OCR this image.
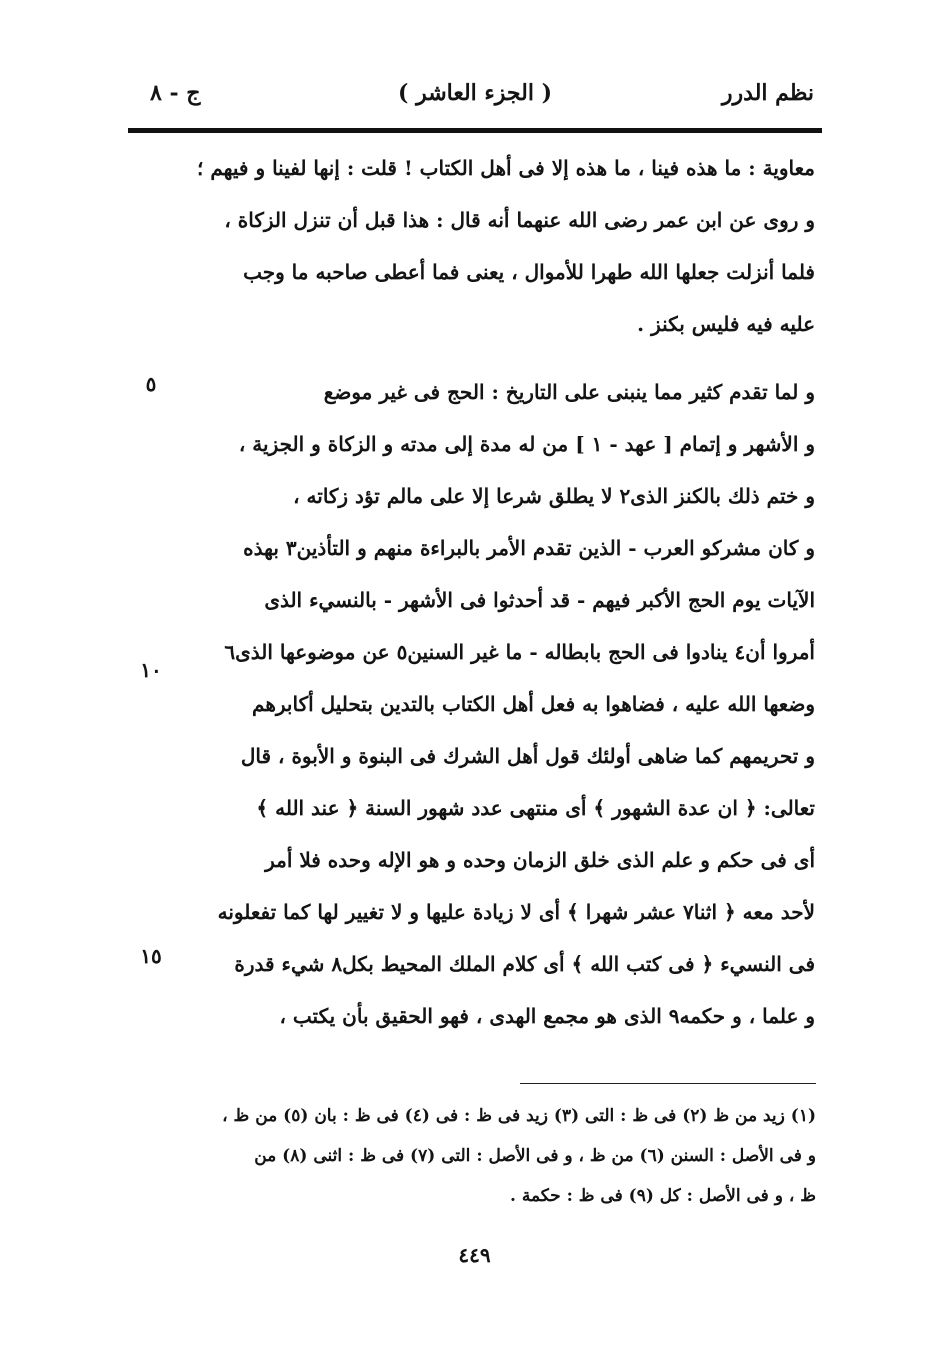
نظم الدرر
( الجزء العاشر )
ج - ٨
معاوية : ما هذه فينا ، ما هذه إلا فى أهل الكتاب ! قلت : إنها لفينا و فيهم ؛
و روى عن ابن عمر رضى الله عنهما أنه قال : هذا قبل أن تنزل الزكاة ،
فلما أنزلت جعلها الله طهرا للأموال ، يعنى فما أعطى صاحبه ما وجب
عليه فيه فليس بكنز .
و لما تقدم كثير مما ينبنى على التاريخ : الحج فى غير موضع
و الأشهر و إتمام [ عهد - ١ ] من له مدة إلى مدته و الزكاة و الجزية ،
و ختم ذلك بالكنز الذى٢ لا يطلق شرعا إلا على مالم تؤد زكاته ،
و كان مشركو العرب - الذين تقدم الأمر بالبراءة منهم و التأذين٣ بهذه
الآيات يوم الحج الأكبر فيهم - قد أحدثوا فى الأشهر - بالنسيء الذى
أمروا أن٤ ينادوا فى الحج بابطاله - ما غير السنين٥ عن موضوعها الذى٦
وضعها الله عليه ، فضاهوا به فعل أهل الكتاب بالتدين بتحليل أكابرهم
و تحريمهم كما ضاهى أولئك قول أهل الشرك فى البنوة و الأبوة ، قال
تعالى: ﴿ ان عدة الشهور ﴾ أى منتهى عدد شهور السنة ﴿ عند الله ﴾
أى فى حكم و علم الذى خلق الزمان وحده و هو الإله وحده فلا أمر
لأحد معه ﴿ اثنا٧ عشر شهرا ﴾ أى لا زيادة عليها و لا تغيير لها كما تفعلونه
فى النسيء ﴿ فى كتب الله ﴾ أى كلام الملك المحيط بكل٨ شيء قدرة
و علما ، و حكمه٩ الذى هو مجمع الهدى ، فهو الحقيق بأن يكتب ،
٥
١٠
١٥
(١) زيد من ظ (٢) فى ظ : التى (٣) زيد فى ظ : فى (٤) فى ظ : بان (٥) من ظ ،
و فى الأصل : السنن (٦) من ظ ، و فى الأصل : التى (٧) فى ظ : اثنى (٨) من
ظ ، و فى الأصل : كل (٩) فى ظ : حكمة .
٤٤٩
